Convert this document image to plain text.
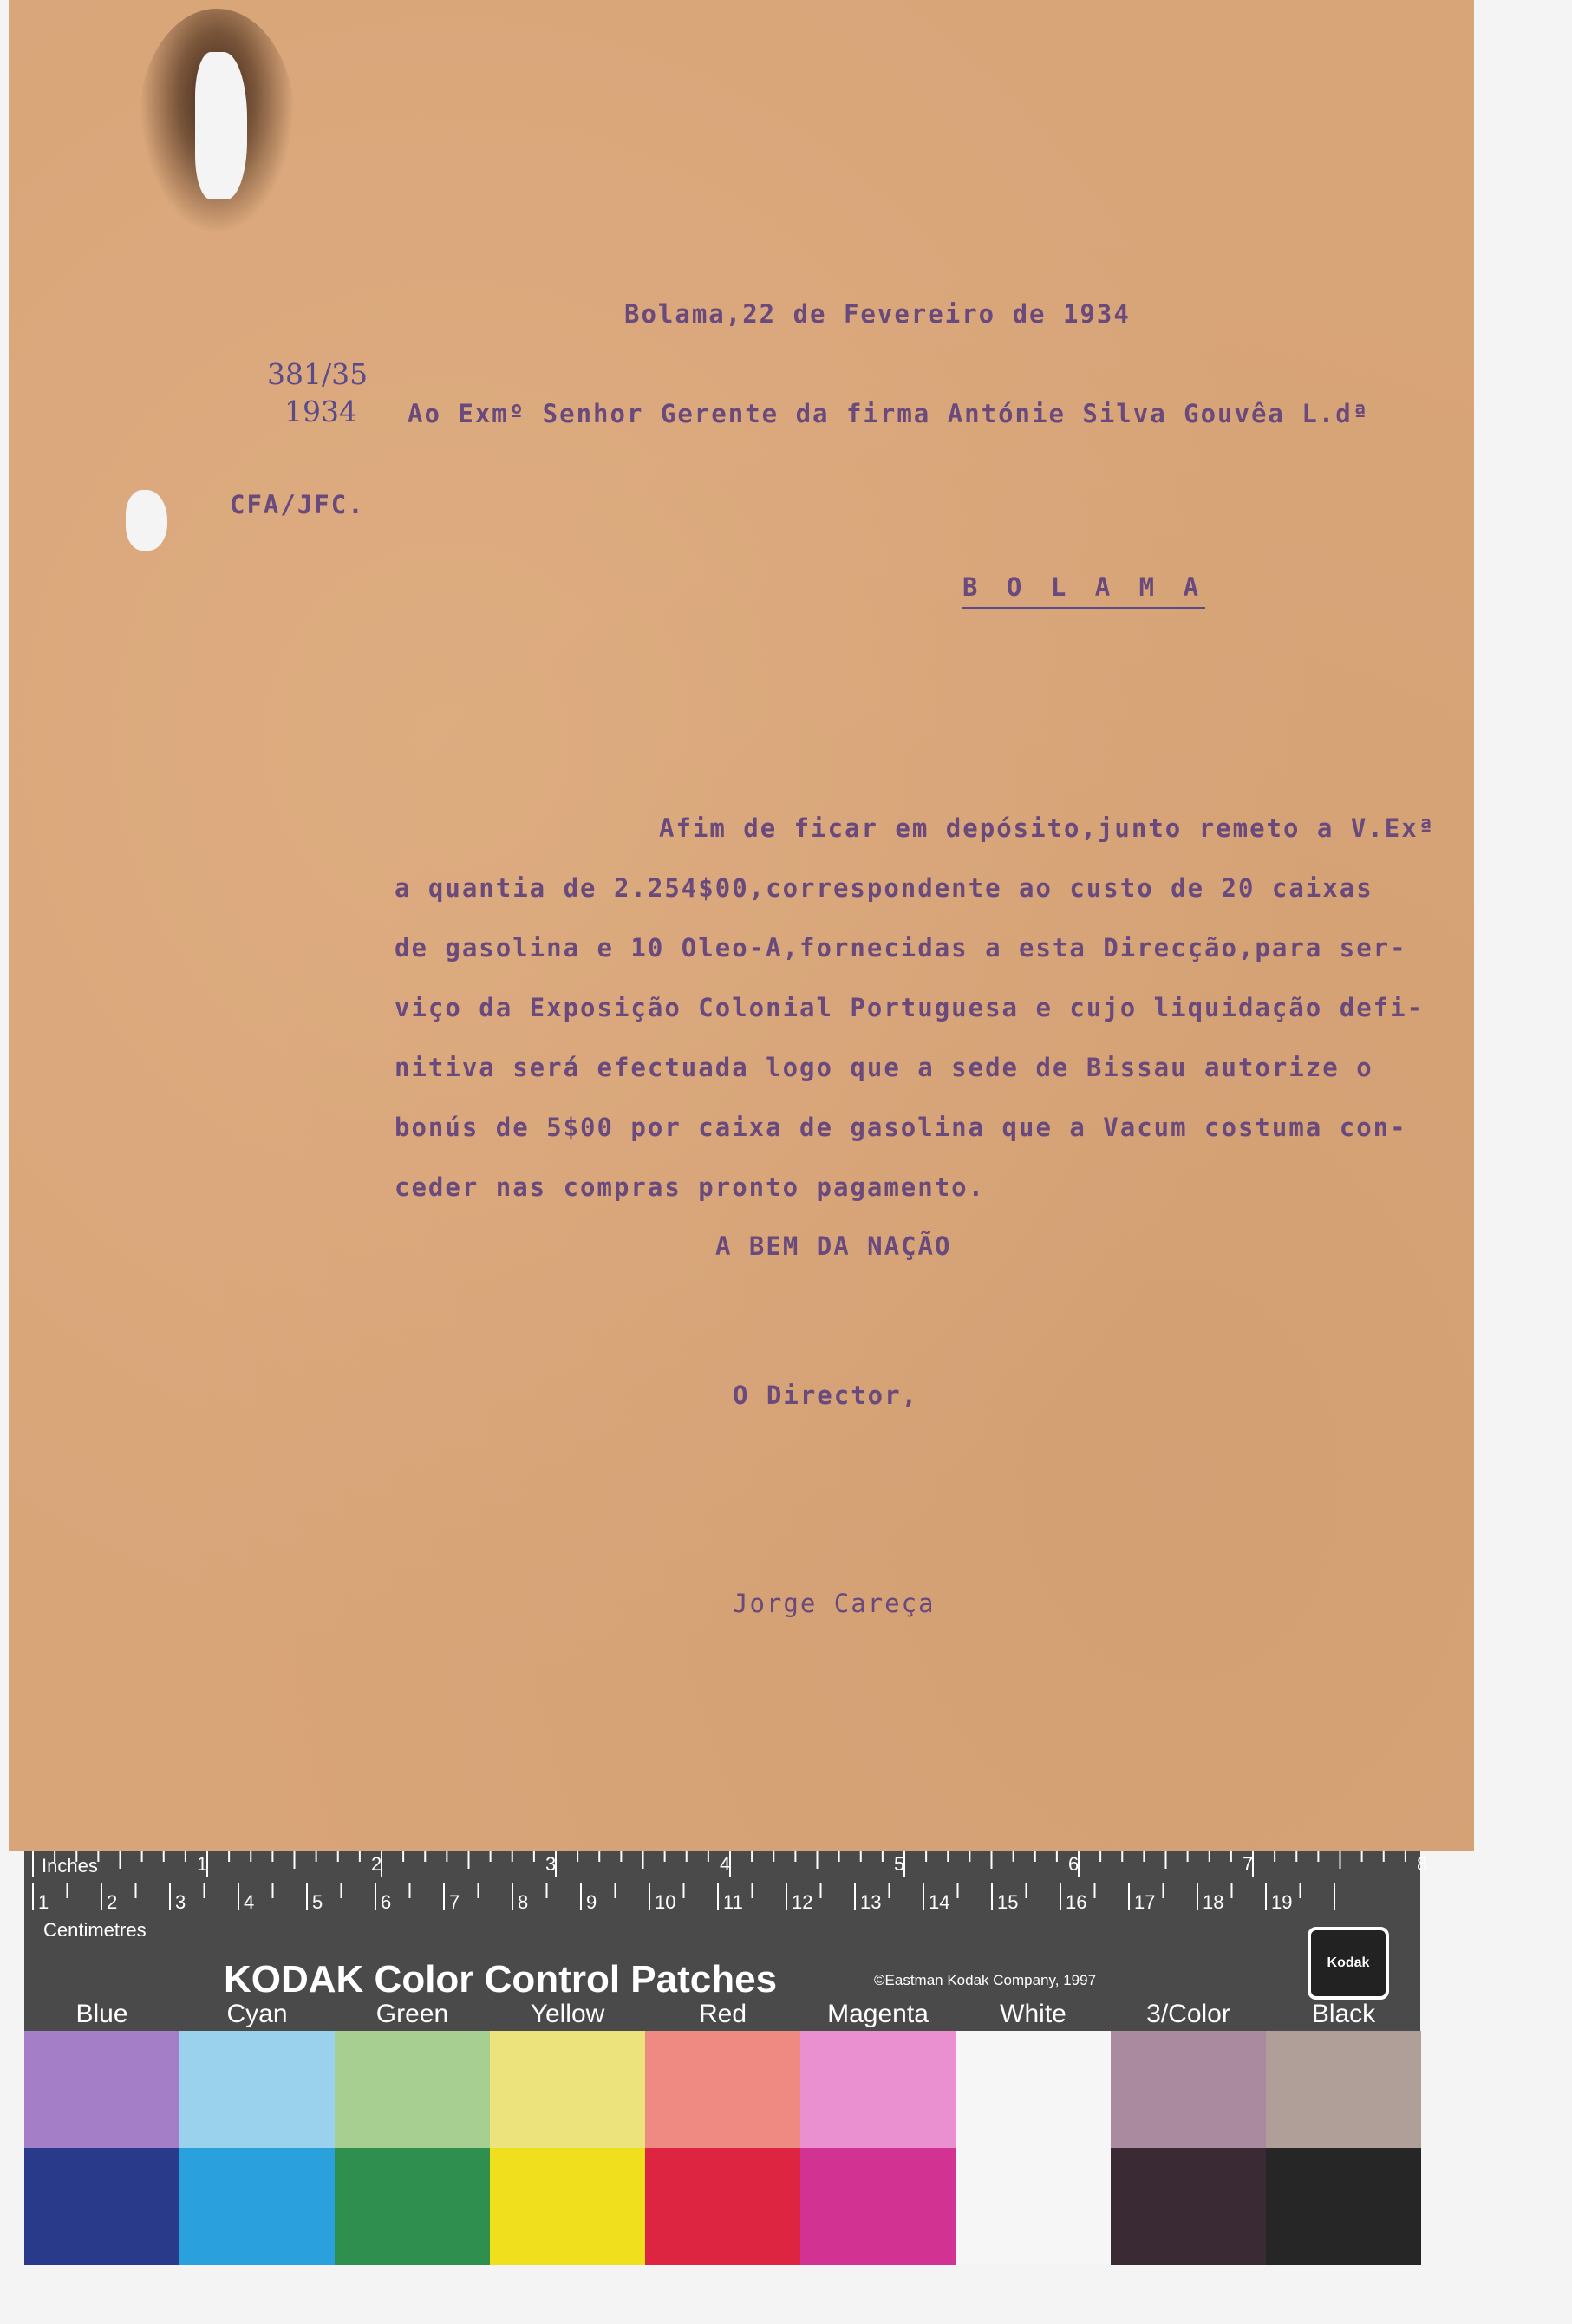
Bolama,22 de Fevereiro de 1934
381/35
1934 Ao Exmº Senhor Gerente da firma Antónie Silva Gouvêa L.dª
CFA/JFC.
B O L A M A
Afim de ficar em depósito,junto remeto a V.Exª
a quantia de 2.254$00,correspondente ao custo de 20 caixas
de gasolina e 10 Oleo-A,fornecidas a esta Direcção,para ser-
viço da Exposição Colonial Portuguesa e cujo liquidação defi-
nitiva será efectuada logo que a sede de Bissau autorize o
bonús de 5$00 por caixa de gasolina que a Vacum costuma con-
ceder nas compras pronto pagamento.
A BEM DA NAÇÃO
O Director,
Jorge Careça
Inches
Centimetres
1	2	3	4	5	6	7	8
1	2	3	4	5	6	7	8	9	10 11	12 13 14 15 16 17 18 19
KODAK Color Control Patches	©Eastman Kodak Company, 1997
Kodak
Blue	Cyan	Green	Yellow	Red	Magenta	White	3/Color	Black
